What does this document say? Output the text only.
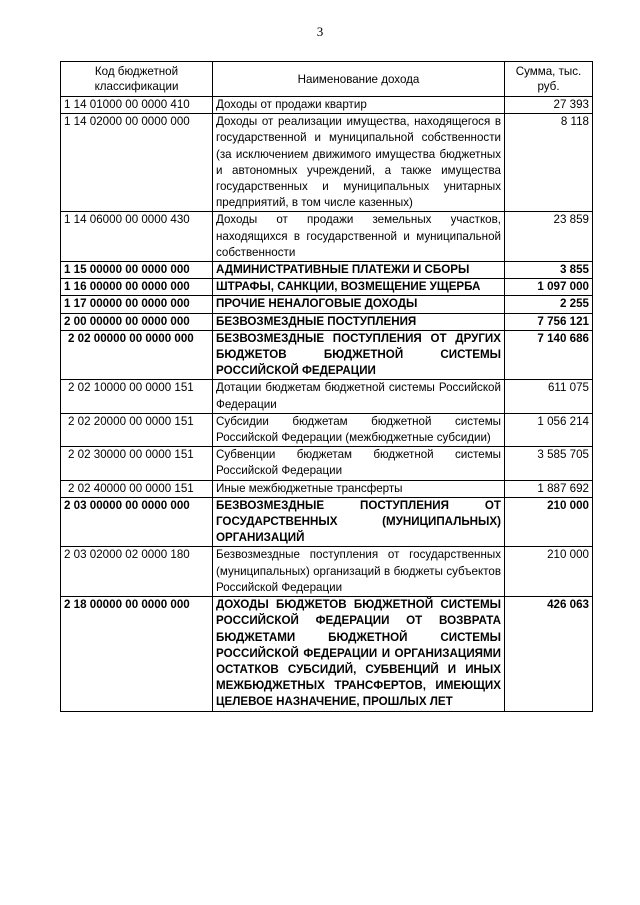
3
Код бюджетной классификации	Наименование дохода	Сумма, тыс. руб.
1 14 01000 00 0000 410	Доходы от продажи квартир	27 393
1 14 02000 00 0000 000	Доходы от реализации имущества, находящегося в государственной и муниципальной собственности (за исключением движимого имущества бюджетных и автономных учреждений, а также имущества государственных и муниципальных унитарных предприятий, в том числе казенных)	8 118
1 14 06000 00 0000 430	Доходы от продажи земельных участков, находящихся в государственной и муниципальной собственности	23 859
1 15 00000 00 0000 000	АДМИНИСТРАТИВНЫЕ ПЛАТЕЖИ И СБОРЫ	3 855
1 16 00000 00 0000 000	ШТРАФЫ, САНКЦИИ, ВОЗМЕЩЕНИЕ УЩЕРБА	1 097 000
1 17 00000 00 0000 000	ПРОЧИЕ НЕНАЛОГОВЫЕ ДОХОДЫ	2 255
2 00 00000 00 0000 000	БЕЗВОЗМЕЗДНЫЕ ПОСТУПЛЕНИЯ	7 756 121
2 02 00000 00 0000 000	БЕЗВОЗМЕЗДНЫЕ ПОСТУПЛЕНИЯ ОТ ДРУГИХ БЮДЖЕТОВ БЮДЖЕТНОЙ СИСТЕМЫ РОССИЙСКОЙ ФЕДЕРАЦИИ	7 140 686
2 02 10000 00 0000 151	Дотации бюджетам бюджетной системы Российской Федерации	611 075
2 02 20000 00 0000 151	Субсидии бюджетам бюджетной системы Российской Федерации (межбюджетные субсидии)	1 056 214
2 02 30000 00 0000 151	Субвенции бюджетам бюджетной системы Российской Федерации	3 585 705
2 02 40000 00 0000 151	Иные межбюджетные трансферты	1 887 692
2 03 00000 00 0000 000	БЕЗВОЗМЕЗДНЫЕ ПОСТУПЛЕНИЯ ОТ ГОСУДАРСТВЕННЫХ (МУНИЦИПАЛЬНЫХ) ОРГАНИЗАЦИЙ	210 000
2 03 02000 02 0000 180	Безвозмездные поступления от государственных (муниципальных) организаций в бюджеты субъектов Российской Федерации	210 000
2 18 00000 00 0000 000	ДОХОДЫ БЮДЖЕТОВ БЮДЖЕТНОЙ СИСТЕМЫ РОССИЙСКОЙ ФЕДЕРАЦИИ ОТ ВОЗВРАТА БЮДЖЕТАМИ БЮДЖЕТНОЙ СИСТЕМЫ РОССИЙСКОЙ ФЕДЕРАЦИИ И ОРГАНИЗАЦИЯМИ ОСТАТКОВ СУБСИДИЙ, СУБВЕНЦИЙ И ИНЫХ МЕЖБЮДЖЕТНЫХ ТРАНСФЕРТОВ, ИМЕЮЩИХ ЦЕЛЕВОЕ НАЗНАЧЕНИЕ, ПРОШЛЫХ ЛЕТ	426 063
